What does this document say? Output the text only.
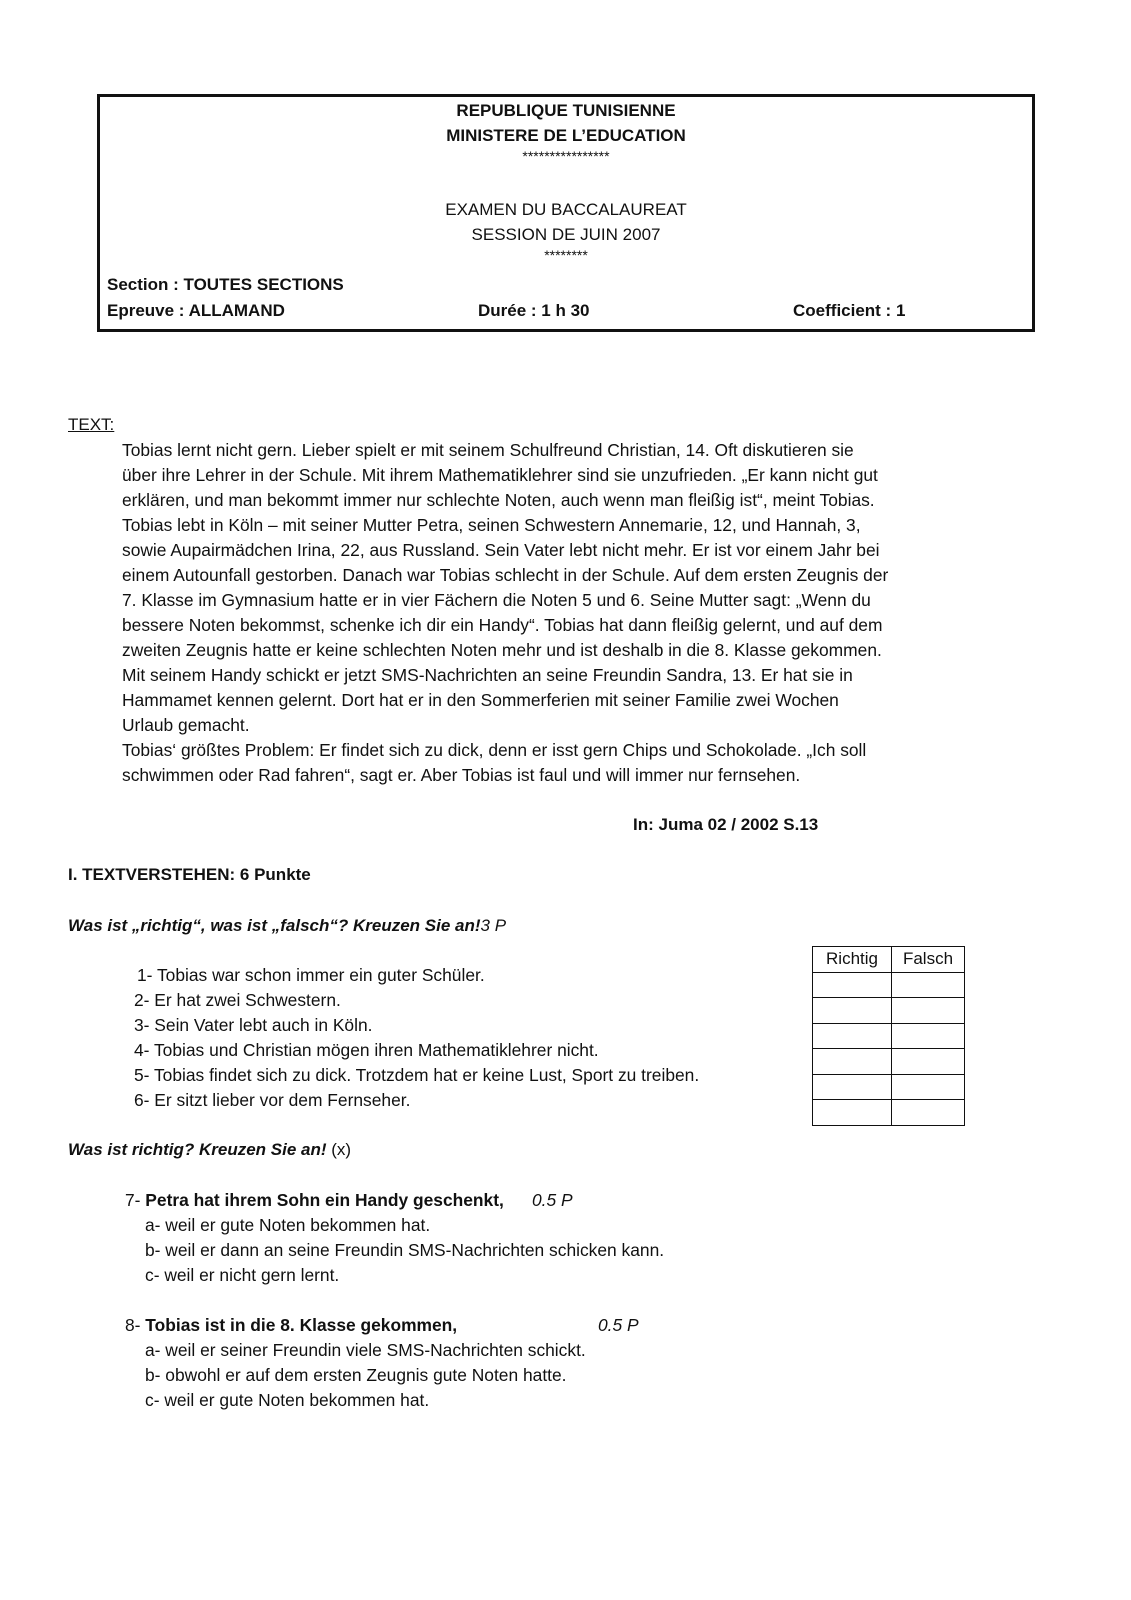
REPUBLIQUE TUNISIENNE
MINISTERE DE L’EDUCATION
****************
EXAMEN DU BACCALAUREAT
SESSION DE JUIN 2007
********
Section : TOUTES SECTIONS
Epreuve : ALLAMAND	Durée : 1 h 30	Coefficient : 1
TEXT:
Tobias lernt nicht gern. Lieber spielt er mit seinem Schulfreund Christian, 14. Oft diskutieren sie
über ihre Lehrer in der Schule. Mit ihrem Mathematiklehrer sind sie unzufrieden. „Er kann nicht gut
erklären, und man bekommt immer nur schlechte Noten, auch wenn man fleißig ist“, meint Tobias.
Tobias lebt in Köln – mit seiner Mutter Petra, seinen Schwestern Annemarie, 12, und Hannah, 3,
sowie Aupairmädchen Irina, 22, aus Russland. Sein Vater lebt nicht mehr. Er ist vor einem Jahr bei
einem Autounfall gestorben. Danach war Tobias schlecht in der Schule. Auf dem ersten Zeugnis der
7. Klasse im Gymnasium hatte er in vier Fächern die Noten 5 und 6. Seine Mutter sagt: „Wenn du
bessere Noten bekommst, schenke ich dir ein Handy“. Tobias hat dann fleißig gelernt, und auf dem
zweiten Zeugnis hatte er keine schlechten Noten mehr und ist deshalb in die 8. Klasse gekommen.
Mit seinem Handy schickt er jetzt SMS-Nachrichten an seine Freundin Sandra, 13. Er hat sie in
Hammamet kennen gelernt. Dort hat er in den Sommerferien mit seiner Familie zwei Wochen
Urlaub gemacht.
Tobias‘ größtes Problem: Er findet sich zu dick, denn er isst gern Chips und Schokolade. „Ich soll
schwimmen oder Rad fahren“, sagt er. Aber Tobias ist faul und will immer nur fernsehen.
In: Juma 02 / 2002 S.13
I. TEXTVERSTEHEN: 6 Punkte
Was ist „richtig“, was ist „falsch“? Kreuzen Sie an!3 P
Richtig	Falsch

1- Tobias war schon immer ein guter Schüler.
2- Er hat zwei Schwestern.
3- Sein Vater lebt auch in Köln.
4- Tobias und Christian mögen ihren Mathematiklehrer nicht.
5- Tobias findet sich zu dick. Trotzdem hat er keine Lust, Sport zu treiben.
6- Er sitzt lieber vor dem Fernseher.
Was ist richtig? Kreuzen Sie an! (x)
7- Petra hat ihrem Sohn ein Handy geschenkt, 0.5 P
a- weil er gute Noten bekommen hat.
b- weil er dann an seine Freundin SMS-Nachrichten schicken kann.
c- weil er nicht gern lernt.
8- Tobias ist in die 8. Klasse gekommen,	0.5 P
a- weil er seiner Freundin viele SMS-Nachrichten schickt.
b- obwohl er auf dem ersten Zeugnis gute Noten hatte.
c- weil er gute Noten bekommen hat.
